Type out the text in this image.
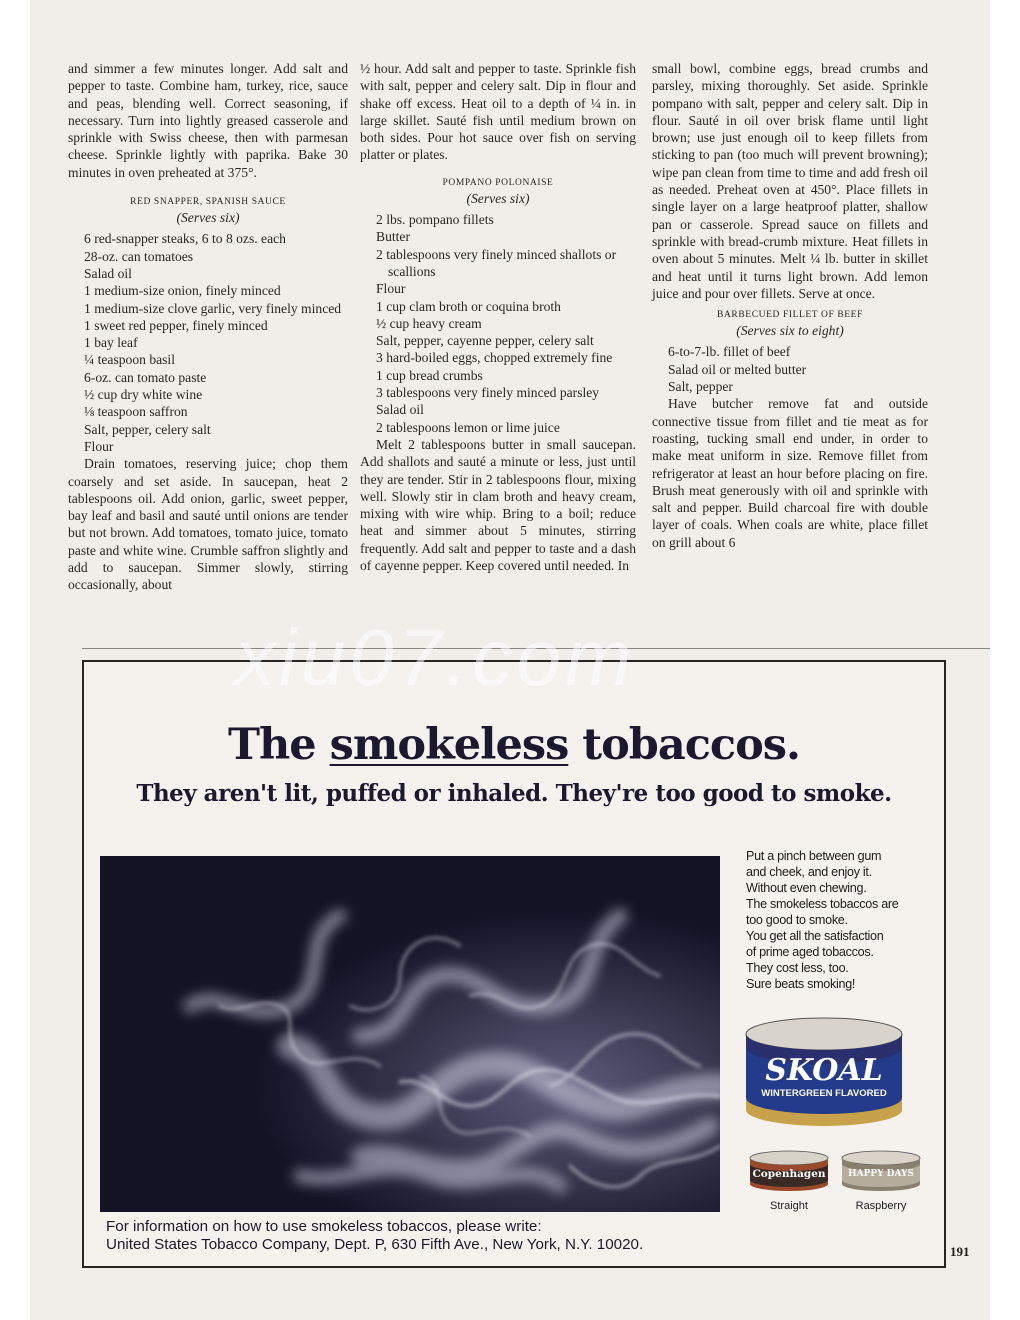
and simmer a few minutes longer. Add salt and pepper to taste. Combine ham, turkey, rice, sauce and peas, blending well. Correct seasoning, if necessary. Turn into lightly greased casserole and sprinkle with Swiss cheese, then with parmesan cheese. Sprinkle lightly with paprika. Bake 30 minutes in oven preheated at 375°.

RED SNAPPER, SPANISH SAUCE
(Serves six)
6 red-snapper steaks, 6 to 8 ozs. each
28-oz. can tomatoes
Salad oil
1 medium-size onion, finely minced
1 medium-size clove garlic, very finely minced
1 sweet red pepper, finely minced
1 bay leaf
¼ teaspoon basil
6-oz. can tomato paste
½ cup dry white wine
⅛ teaspoon saffron
Salt, pepper, celery salt
Flour

Drain tomatoes, reserving juice; chop them coarsely and set aside. In saucepan, heat 2 tablespoons oil. Add onion, garlic, sweet pepper, bay leaf and basil and sauté until onions are tender but not brown. Add tomatoes, tomato juice, tomato paste and white wine. Crumble saffron slightly and add to saucepan. Simmer slowly, stirring occasionally, about

½ hour. Add salt and pepper to taste. Sprinkle fish with salt, pepper and celery salt. Dip in flour and shake off excess. Heat oil to a depth of ¼ in. in large skillet. Sauté fish until medium brown on both sides. Pour hot sauce over fish on serving platter or plates.

POMPANO POLONAISE
(Serves six)
2 lbs. pompano fillets
Butter
2 tablespoons very finely minced shallots or scallions
Flour
1 cup clam broth or coquina broth
½ cup heavy cream
Salt, pepper, cayenne pepper, celery salt
3 hard-boiled eggs, chopped extremely fine
1 cup bread crumbs
3 tablespoons very finely minced parsley
Salad oil
2 tablespoons lemon or lime juice

Melt 2 tablespoons butter in small saucepan. Add shallots and sauté a minute or less, just until they are tender. Stir in 2 tablespoons flour, mixing well. Slowly stir in clam broth and heavy cream, mixing with wire whip. Bring to a boil; reduce heat and simmer about 5 minutes, stirring frequently. Add salt and pepper to taste and a dash of cayenne pepper. Keep covered until needed. In

small bowl, combine eggs, bread crumbs and parsley, mixing thoroughly. Set aside. Sprinkle pompano with salt, pepper and celery salt. Dip in flour. Sauté in oil over brisk flame until light brown; use just enough oil to keep fillets from sticking to pan (too much will prevent browning); wipe pan clean from time to time and add fresh oil as needed. Preheat oven at 450°. Place fillets in single layer on a large heatproof platter, shallow pan or casserole. Spread sauce on fillets and sprinkle with bread-crumb mixture. Heat fillets in oven about 5 minutes. Melt ¼ lb. butter in skillet and heat until it turns light brown. Add lemon juice and pour over fillets. Serve at once.

BARBECUED FILLET OF BEEF
(Serves six to eight)
6-to-7-lb. fillet of beef
Salad oil or melted butter
Salt, pepper

Have butcher remove fat and outside connective tissue from fillet and tie meat as for roasting, tucking small end under, in order to make meat uniform in size. Remove fillet from refrigerator at least an hour before placing on fire. Brush meat generously with oil and sprinkle with salt and pepper. Build charcoal fire with double layer of coals. When coals are white, place fillet on grill about 6

The smokeless tobaccos.
They aren't lit, puffed or inhaled. They're too good to smoke.
Put a pinch between gum
and cheek, and enjoy it.
Without even chewing.
The smokeless tobaccos are
too good to smoke.
You get all the satisfaction
of prime aged tobaccos.
They cost less, too.
Sure beats smoking!
SKOAL
WINTERGREEN FLAVORED
Copenhagen
Straight
HAPPY DAYS
Raspberry
For information on how to use smokeless tobaccos, please write:
United States Tobacco Company, Dept. P, 630 Fifth Ave., New York, N.Y. 10020.
xiu07.com
191
